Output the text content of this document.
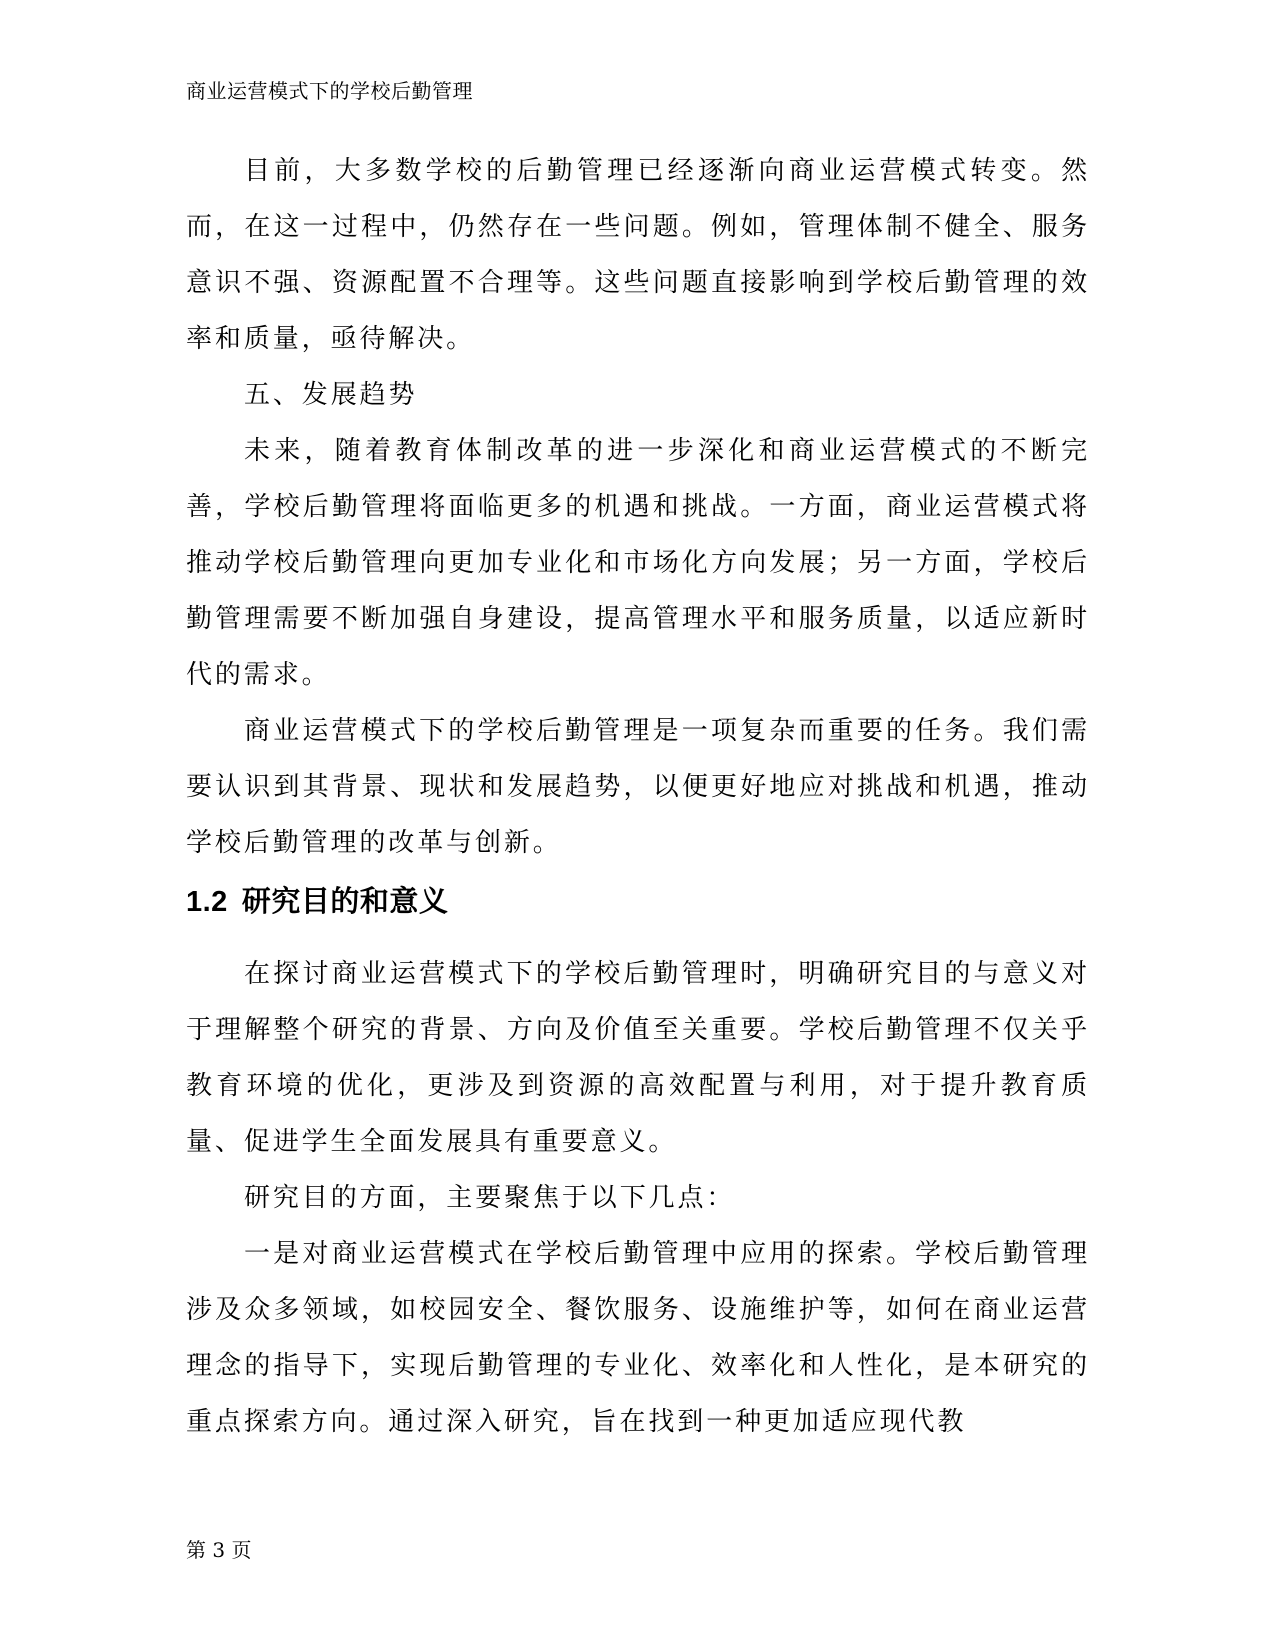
商业运营模式下的学校后勤管理

目前，大多数学校的后勤管理已经逐渐向商业运营模式转变。然而，在这一过程中，仍然存在一些问题。例如，管理体制不健全、服务意识不强、资源配置不合理等。这些问题直接影响到学校后勤管理的效率和质量，亟待解决。

五、发展趋势

未来，随着教育体制改革的进一步深化和商业运营模式的不断完善，学校后勤管理将面临更多的机遇和挑战。一方面，商业运营模式将推动学校后勤管理向更加专业化和市场化方向发展；另一方面，学校后勤管理需要不断加强自身建设，提高管理水平和服务质量，以适应新时代的需求。

商业运营模式下的学校后勤管理是一项复杂而重要的任务。我们需要认识到其背景、现状和发展趋势，以便更好地应对挑战和机遇，推动学校后勤管理的改革与创新。

1.2 研究目的和意义

在探讨商业运营模式下的学校后勤管理时，明确研究目的与意义对于理解整个研究的背景、方向及价值至关重要。学校后勤管理不仅关乎教育环境的优化，更涉及到资源的高效配置与利用，对于提升教育质量、促进学生全面发展具有重要意义。

研究目的方面，主要聚焦于以下几点：

一是对商业运营模式在学校后勤管理中应用的探索。学校后勤管理涉及众多领域，如校园安全、餐饮服务、设施维护等，如何在商业运营理念的指导下，实现后勤管理的专业化、效率化和人性化，是本研究的重点探索方向。通过深入研究，旨在找到一种更加适应现代教

第 3 页
